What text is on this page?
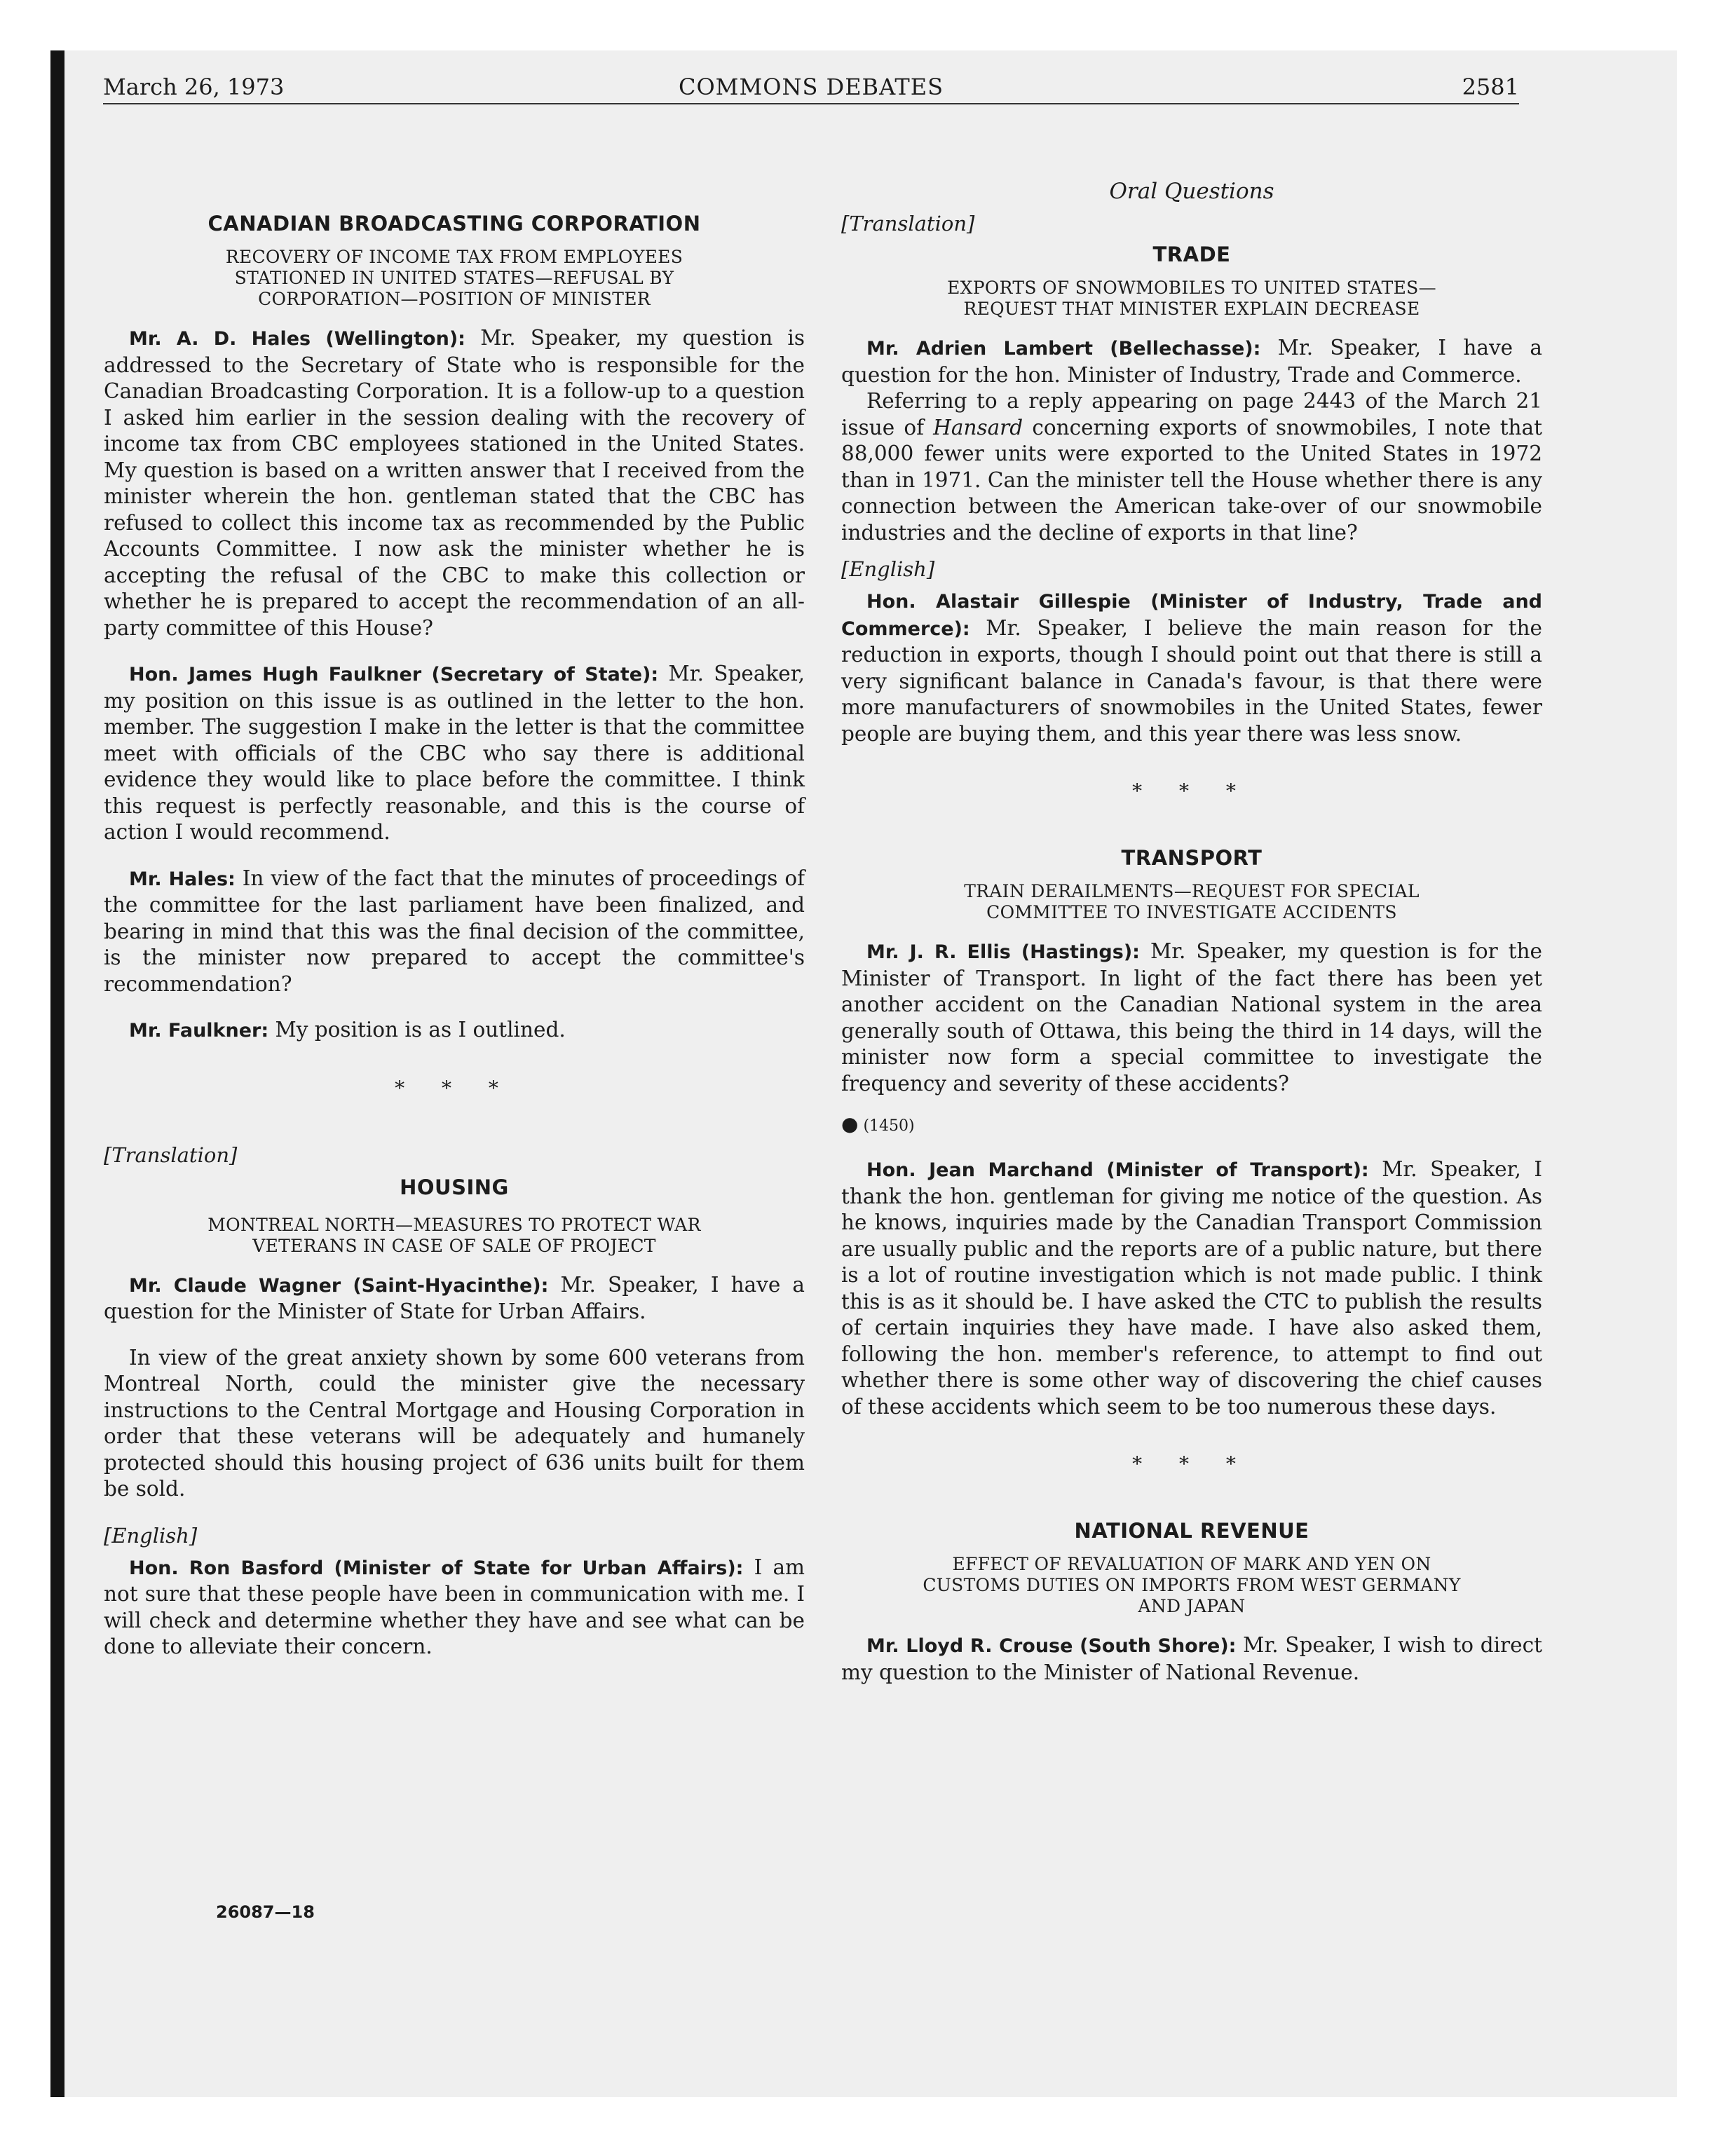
March 26, 1973	COMMONS DEBATES	2581
CANADIAN BROADCASTING CORPORATION
RECOVERY OF INCOME TAX FROM EMPLOYEES
STATIONED IN UNITED STATES—REFUSAL BY
CORPORATION—POSITION OF MINISTER

Mr. A. D. Hales (Wellington): Mr. Speaker, my question is addressed to the Secretary of State who is responsible for the Canadian Broadcasting Corporation. It is a follow-up to a question I asked him earlier in the session dealing with the recovery of income tax from CBC employees stationed in the United States. My question is based on a written answer that I received from the minister wherein the hon. gentleman stated that the CBC has refused to collect this income tax as recommended by the Public Accounts Committee. I now ask the minister whether he is accepting the refusal of the CBC to make this collection or whether he is prepared to accept the recommendation of an all-party committee of this House?

Hon. James Hugh Faulkner (Secretary of State): Mr. Speaker, my position on this issue is as outlined in the letter to the hon. member. The suggestion I make in the letter is that the committee meet with officials of the CBC who say there is additional evidence they would like to place before the committee. I think this request is perfectly reasonable, and this is the course of action I would recommend.

Mr. Hales: In view of the fact that the minutes of proceedings of the committee for the last parliament have been finalized, and bearing in mind that this was the final decision of the committee, is the minister now prepared to accept the committee's recommendation?

Mr. Faulkner: My position is as I outlined.

* * *
[Translation]
HOUSING
MONTREAL NORTH—MEASURES TO PROTECT WAR
VETERANS IN CASE OF SALE OF PROJECT

Mr. Claude Wagner (Saint-Hyacinthe): Mr. Speaker, I have a question for the Minister of State for Urban Affairs.

In view of the great anxiety shown by some 600 veterans from Montreal North, could the minister give the necessary instructions to the Central Mortgage and Housing Corporation in order that these veterans will be adequately and humanely protected should this housing project of 636 units built for them be sold.

[English]

Hon. Ron Basford (Minister of State for Urban Affairs): I am not sure that these people have been in communication with me. I will check and determine whether they have and see what can be done to alleviate their concern.

Oral Questions
[Translation]
TRADE
EXPORTS OF SNOWMOBILES TO UNITED STATES—
REQUEST THAT MINISTER EXPLAIN DECREASE

Mr. Adrien Lambert (Bellechasse): Mr. Speaker, I have a question for the hon. Minister of Industry, Trade and Commerce.

Referring to a reply appearing on page 2443 of the March 21 issue of Hansard concerning exports of snowmobiles, I note that 88,000 fewer units were exported to the United States in 1972 than in 1971. Can the minister tell the House whether there is any connection between the American take-over of our snowmobile industries and the decline of exports in that line?

[English]

Hon. Alastair Gillespie (Minister of Industry, Trade and Commerce): Mr. Speaker, I believe the main reason for the reduction in exports, though I should point out that there is still a very significant balance in Canada's favour, is that there were more manufacturers of snowmobiles in the United States, fewer people are buying them, and this year there was less snow.

* * *
TRANSPORT
TRAIN DERAILMENTS—REQUEST FOR SPECIAL
COMMITTEE TO INVESTIGATE ACCIDENTS

Mr. J. R. Ellis (Hastings): Mr. Speaker, my question is for the Minister of Transport. In light of the fact there has been yet another accident on the Canadian National system in the area generally south of Ottawa, this being the third in 14 days, will the minister now form a special committee to investigate the frequency and severity of these accidents?

● (1450)

Hon. Jean Marchand (Minister of Transport): Mr. Speaker, I thank the hon. gentleman for giving me notice of the question. As he knows, inquiries made by the Canadian Transport Commission are usually public and the reports are of a public nature, but there is a lot of routine investigation which is not made public. I think this is as it should be. I have asked the CTC to publish the results of certain inquiries they have made. I have also asked them, following the hon. member's reference, to attempt to find out whether there is some other way of discovering the chief causes of these accidents which seem to be too numerous these days.

* * *
NATIONAL REVENUE
EFFECT OF REVALUATION OF MARK AND YEN ON
CUSTOMS DUTIES ON IMPORTS FROM WEST GERMANY
AND JAPAN

Mr. Lloyd R. Crouse (South Shore): Mr. Speaker, I wish to direct my question to the Minister of National Revenue.

26087—18
